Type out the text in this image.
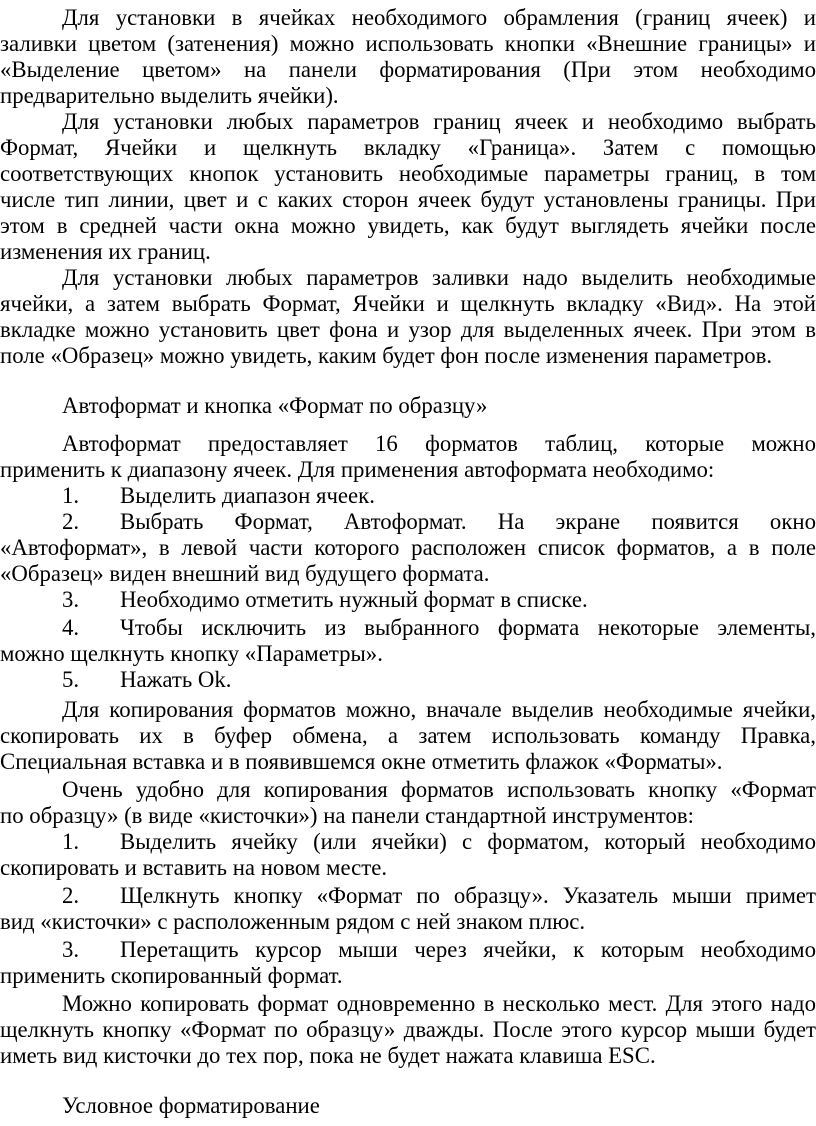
Для установки в ячейках необходимого обрамления (границ ячеек) и
заливки цветом (затенения) можно использовать кнопки «Внешние границы» и
«Выделение цветом» на панели форматирования (При этом необходимо
предварительно выделить ячейки).
Для установки любых параметров границ ячеек и необходимо выбрать
Формат, Ячейки и щелкнуть вкладку «Граница». Затем с помощью
соответствующих кнопок установить необходимые параметры границ, в том
числе тип линии, цвет и с каких сторон ячеек будут установлены границы. При
этом в средней части окна можно увидеть, как будут выглядеть ячейки после
изменения их границ.
Для установки любых параметров заливки надо выделить необходимые
ячейки, а затем выбрать Формат, Ячейки и щелкнуть вкладку «Вид». На этой
вкладке можно установить цвет фона и узор для выделенных ячеек. При этом в
поле «Образец» можно увидеть, каким будет фон после изменения параметров.
Автоформат и кнопка «Формат по образцу»
Автоформат предоставляет 16 форматов таблиц, которые можно
применить к диапазону ячеек. Для применения автоформата необходимо:
1. Выделить диапазон ячеек.
2. Выбрать Формат, Автоформат. На экране появится окно
«Автоформат», в левой части которого расположен список форматов, а в поле
«Образец» виден внешний вид будущего формата.
3. Необходимо отметить нужный формат в списке.
4. Чтобы исключить из выбранного формата некоторые элементы,
можно щелкнуть кнопку «Параметры».
5. Нажать Ok.
Для копирования форматов можно, вначале выделив необходимые ячейки,
скопировать их в буфер обмена, а затем использовать команду Правка,
Специальная вставка и в появившемся окне отметить флажок «Форматы».
Очень удобно для копирования форматов использовать кнопку «Формат
по образцу» (в виде «кисточки») на панели стандартной инструментов:
1. Выделить ячейку (или ячейки) с форматом, который необходимо
скопировать и вставить на новом месте.
2. Щелкнуть кнопку «Формат по образцу». Указатель мыши примет
вид «кисточки» с расположенным рядом с ней знаком плюс.
3. Перетащить курсор мыши через ячейки, к которым необходимо
применить скопированный формат.
Можно копировать формат одновременно в несколько мест. Для этого надо
щелкнуть кнопку «Формат по образцу» дважды. После этого курсор мыши будет
иметь вид кисточки до тех пор, пока не будет нажата клавиша ESC.
Условное форматирование
